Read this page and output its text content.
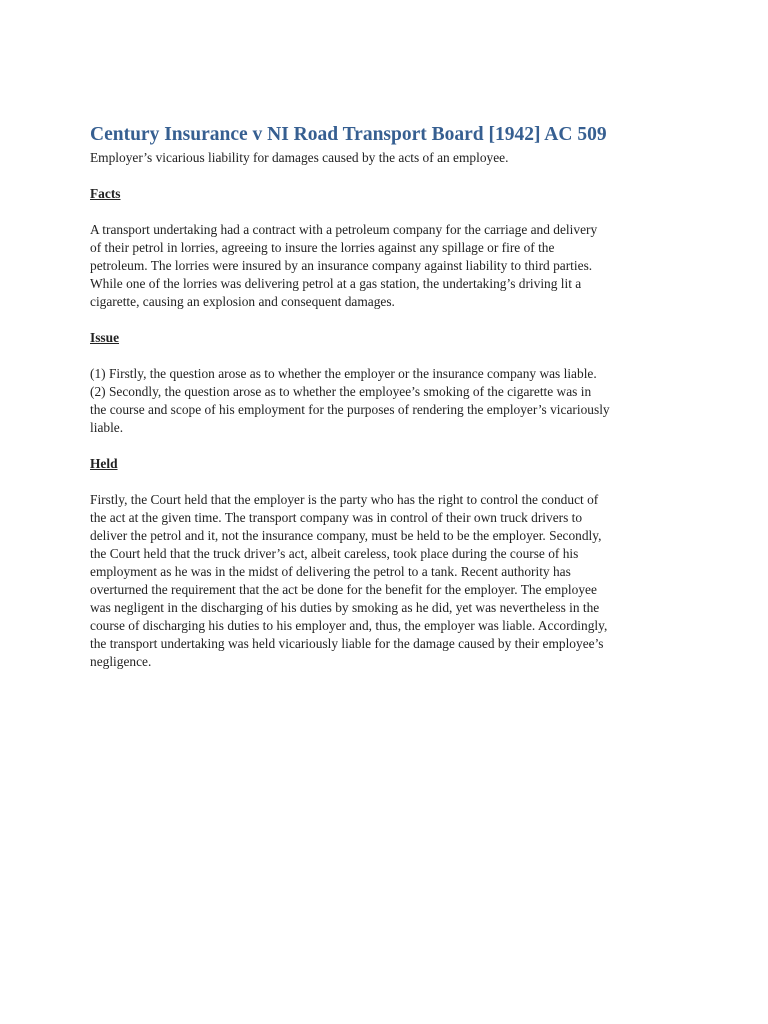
Century Insurance v NI Road Transport Board [1942] AC 509

Employer’s vicarious liability for damages caused by the acts of an employee.

Facts

A transport undertaking had a contract with a petroleum company for the carriage and delivery
of their petrol in lorries, agreeing to insure the lorries against any spillage or fire of the
petroleum. The lorries were insured by an insurance company against liability to third parties.
While one of the lorries was delivering petrol at a gas station, the undertaking’s driving lit a
cigarette, causing an explosion and consequent damages.

Issue

(1) Firstly, the question arose as to whether the employer or the insurance company was liable.
(2) Secondly, the question arose as to whether the employee’s smoking of the cigarette was in
the course and scope of his employment for the purposes of rendering the employer’s vicariously
liable.

Held

Firstly, the Court held that the employer is the party who has the right to control the conduct of
the act at the given time. The transport company was in control of their own truck drivers to
deliver the petrol and it, not the insurance company, must be held to be the employer. Secondly,
the Court held that the truck driver’s act, albeit careless, took place during the course of his
employment as he was in the midst of delivering the petrol to a tank. Recent authority has
overturned the requirement that the act be done for the benefit for the employer. The employee
was negligent in the discharging of his duties by smoking as he did, yet was nevertheless in the
course of discharging his duties to his employer and, thus, the employer was liable. Accordingly,
the transport undertaking was held vicariously liable for the damage caused by their employee’s
negligence.
